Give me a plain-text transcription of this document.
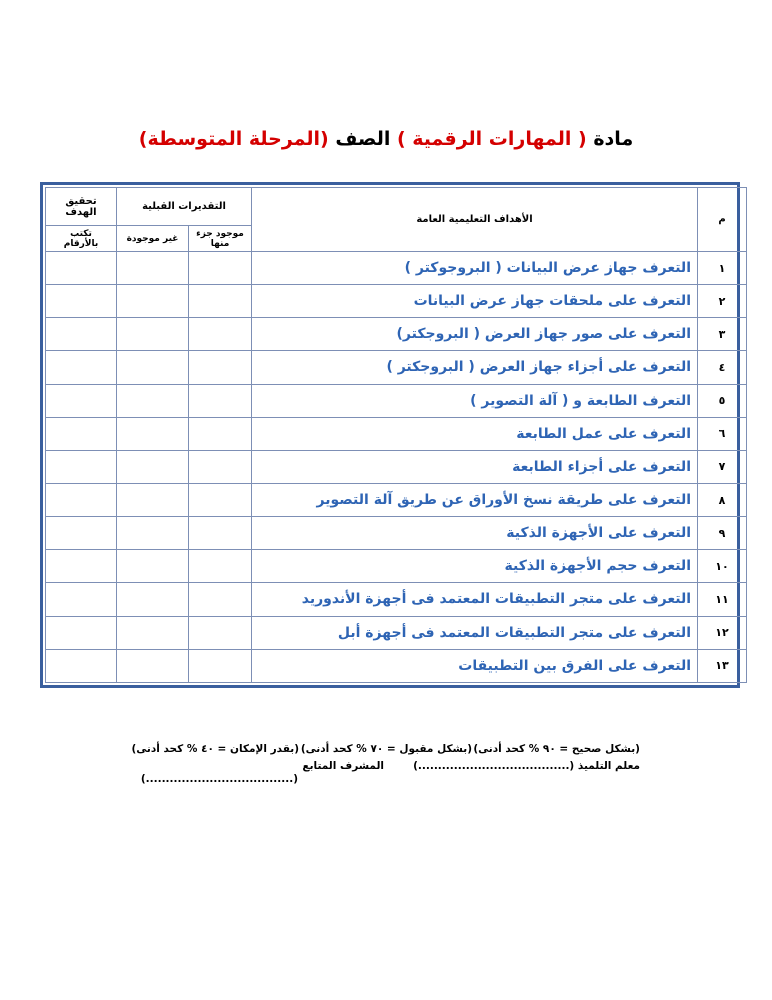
مادة ( المهارات الرقمية ) الصف (المرحلة المتوسطة)
م	الأهداف التعليمية العامة	التقديرات القبلية		تحقيق الهدف
		موجود جزء منها	غير موجودة	تكتب بالأرقام
١	التعرف جهاز عرض البيانات ( البروجوكتر )			
٢	التعرف على ملحقات جهاز عرض البيانات			
٣	التعرف على صور جهاز العرض ( البروجكتر)			
٤	التعرف على أجزاء جهاز العرض ( البروجكتر )			
٥	التعرف الطابعة و ( آلة التصوير )			
٦	التعرف على عمل الطابعة			
٧	التعرف على أجزاء الطابعة			
٨	التعرف على طريقة نسخ الأوراق عن طريق آلة التصوير			
٩	التعرف على الأجهزة الذكية			
١٠	التعرف حجم الأجهزة الذكية			
١١	التعرف على متجر التطبيقات المعتمد فى أجهزة الأندوريد			
١٢	التعرف على متجر التطبيقات المعتمد فى أجهزة أبل			
١٣	التعرف على الفرق بين التطبيقات			
(بشكل صحيح = ٩٠ % كحد أدنى)
(بشكل مقبول = ٧٠ % كحد أدنى)
(بقدر الإمكان = ٤٠ % كحد أدنى)
معلم التلميذ (......................................)
المشرف المتابع
(.....................................)
